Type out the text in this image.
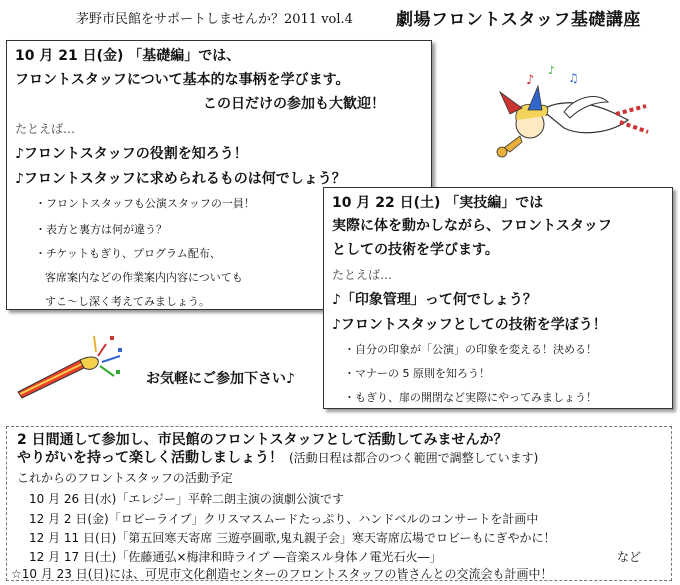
茅野市民館をサポートしませんか？2011 vol.4	劇場フロントスタッフ基礎講座
10 月 21 日(金) 「基礎編」では、
フロントスタッフについて基本的な事柄を学びます。
この日だけの参加も大歓迎！
たとえば…
♪フロントスタッフの役割を知ろう！
♪フロントスタッフに求められるものは何でしょう？
・フロントスタッフも公演スタッフの一員！
・表方と裏方は何が違う？
・チケットもぎり、プログラム配布、
客席案内などの作業案内内容についても
すこ～し深く考えてみましょう。
♪
♪
♫
10 月 22 日(土) 「実技編」では
実際に体を動かしながら、フロントスタッフ
としての技術を学びます。
たとえば…
♪「印象管理」って何でしょう？
♪フロントスタッフとしての技術を学ぼう！
・自分の印象が「公演」の印象を変える！決める！
・マナーの 5 原則を知ろう！
・もぎり、扉の開閉など実際にやってみましょう！
お気軽にご参加下さい♪
2 日間通して参加し、市民館のフロントスタッフとして活動してみませんか？
やりがいを持って楽しく活動しましょう！ (活動日程は都合のつく範囲で調整しています)
これからのフロントスタッフの活動予定
10 月 26 日(水)「エレジー」平幹二朗主演の演劇公演です
12 月 2 日(金)「ロビーライブ」クリスマスムードたっぷり、ハンドベルのコンサートを計画中
12 月 11 日(日)「第五回寒天寄席 三遊亭圓歌,鬼丸親子会」寒天寄席広場でロビーもにぎやかに！
12 月 17 日(土)「佐藤通弘×梅津和時ライブ ―音楽スル身体ノ電光石火―」	など
☆10 月 23 日(日)には、可児市文化創造センターのフロントスタッフの皆さんとの交流会も計画中！
